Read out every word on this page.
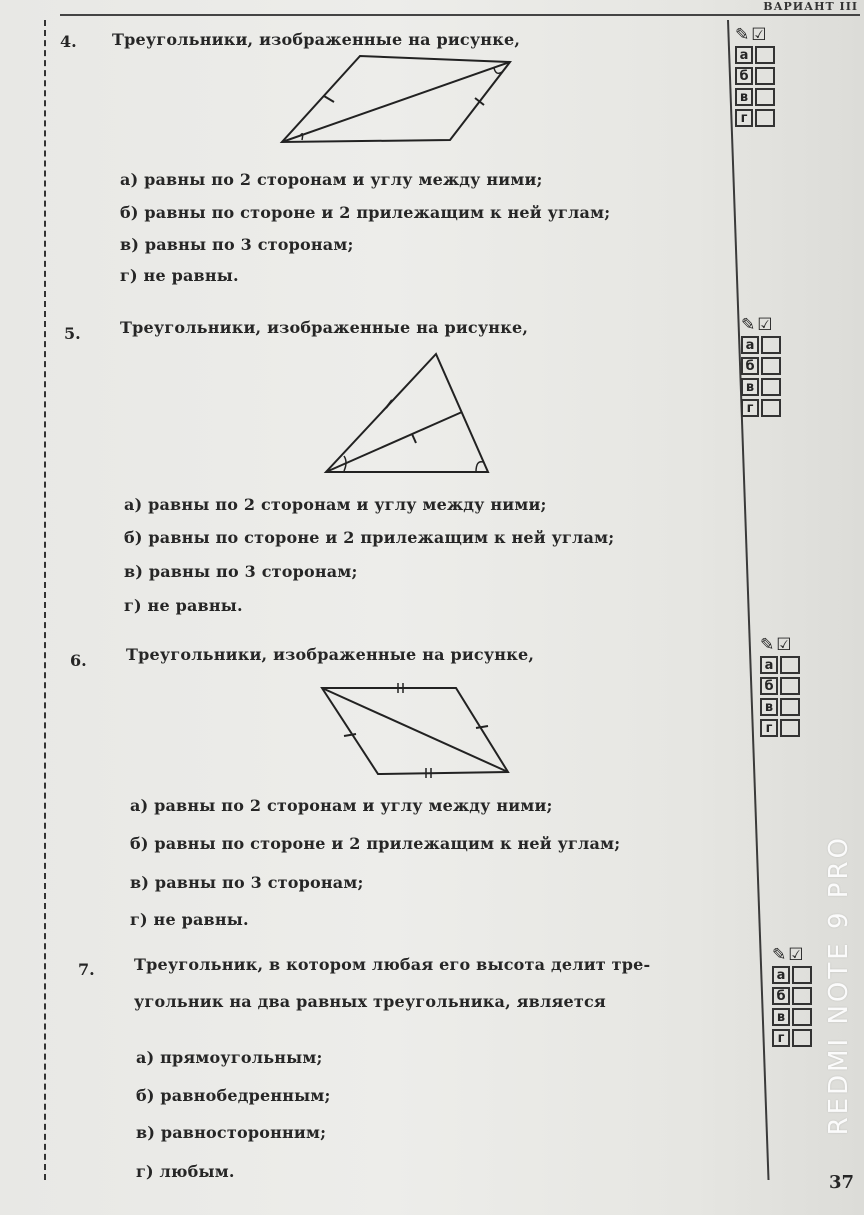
ВАРИАНТ III
4. Треугольники, изображенные на рисунке,
а) равны по 2 сторонам и углу между ними;
б) равны по стороне и 2 прилежащим к ней углам;
в) равны по 3 сторонам;
г) не равны.
✎ ☑
а
б
в
г
5. Треугольники, изображенные на рисунке,
а) равны по 2 сторонам и углу между ними;
б) равны по стороне и 2 прилежащим к ней углам;
в) равны по 3 сторонам;
г) не равны.
✎ ☑
а
б
в
г
6. Треугольники, изображенные на рисунке,
а) равны по 2 сторонам и углу между ними;
б) равны по стороне и 2 прилежащим к ней углам;
в) равны по 3 сторонам;
г) не равны.
✎ ☑
а
б
в
г
7. Треугольник, в котором любая его высота делит тре-
угольник на два равных треугольника, является
а) прямоугольным;
б) равнобедренным;
в) равносторонним;
г) любым.
✎ ☑
а
б
в
г REDMI NOTE 9 PRO
37
